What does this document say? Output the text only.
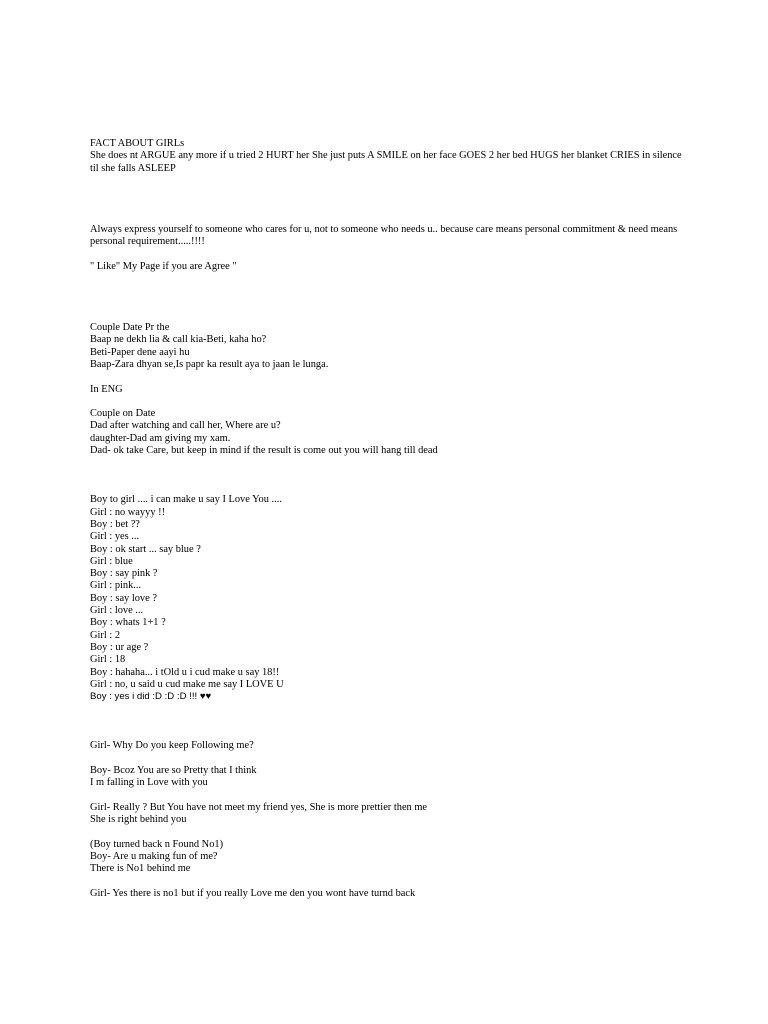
FACT ABOUT GIRLs
She does nt ARGUE any more if u tried 2 HURT her She just puts A SMILE on her face GOES 2 her bed HUGS her blanket CRIES in silence til she falls ASLEEP
Always express yourself to someone who cares for u, not to someone who needs u.. because care means personal commitment & need means personal requirement.....!!!!
" Like" My Page if you are Agree "
Couple Date Pr the
Baap ne dekh lia & call kia-Beti, kaha ho?
Beti-Paper dene aayi hu
Baap-Zara dhyan se,Is papr ka result aya to jaan le lunga.
In ENG
Couple on Date
Dad after watching and call her, Where are u?
daughter-Dad am giving my xam.
Dad- ok take Care, but keep in mind if the result is come out you will hang till dead
Boy to girl .... i can make u say I Love You ....
Girl : no wayyy !!
Boy : bet ??
Girl : yes ...
Boy : ok start ... say blue ?
Girl : blue
Boy : say pink ?
Girl : pink...
Boy : say love ?
Girl : love ...
Boy : whats 1+1 ?
Girl : 2
Boy : ur age ?
Girl : 18
Boy : hahaha... i tOld u i cud make u say 18!!
Girl : no, u said u cud make me say I LOVE U
Boy : yes i did :D :D :D !!! ♥♥
Girl- Why Do you keep Following me?
Boy- Bcoz You are so Pretty that I think
I m falling in Love with you
Girl- Really ? But You have not meet my friend yes, She is more prettier then me
She is right behind you
(Boy turned back n Found No1)
Boy- Are u making fun of me?
There is No1 behind me
Girl- Yes there is no1 but if you really Love me den you wont have turnd back
